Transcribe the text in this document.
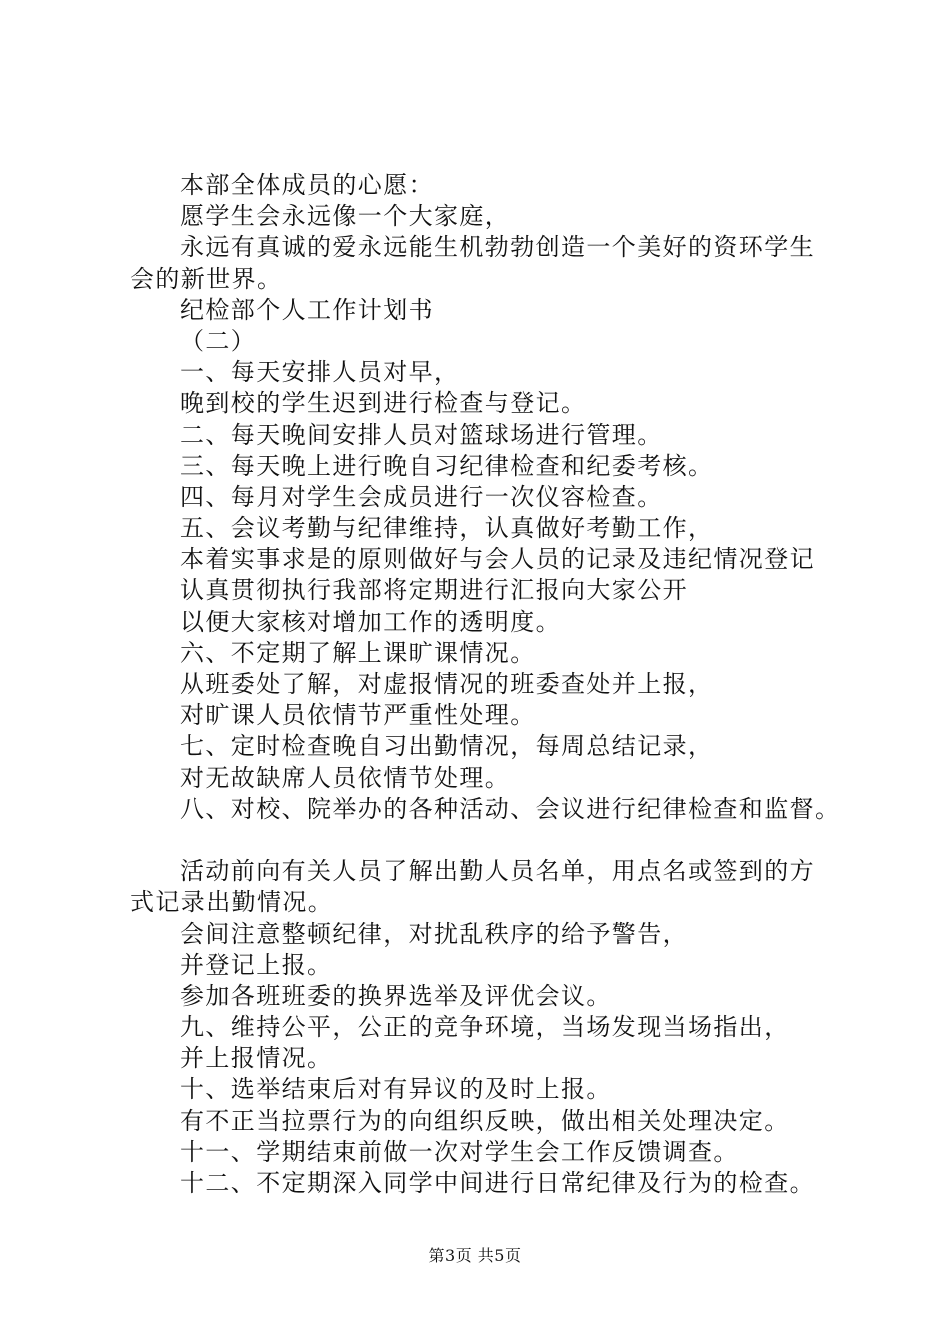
本部全体成员的心愿：
愿学生会永远像一个大家庭，
永远有真诚的爱永远能生机勃勃创造一个美好的资环学生
会的新世界。
纪检部个人工作计划书
（二）
一、每天安排人员对早，
晚到校的学生迟到进行检查与登记。
二、每天晚间安排人员对篮球场进行管理。
三、每天晚上进行晚自习纪律检查和纪委考核。
四、每月对学生会成员进行一次仪容检查。
五、会议考勤与纪律维持，认真做好考勤工作，
本着实事求是的原则做好与会人员的记录及违纪情况登记
认真贯彻执行我部将定期进行汇报向大家公开
以便大家核对增加工作的透明度。
六、不定期了解上课旷课情况。
从班委处了解，对虚报情况的班委查处并上报，
对旷课人员依情节严重性处理。
七、定时检查晚自习出勤情况，每周总结记录，
对无故缺席人员依情节处理。
八、对校、院举办的各种活动、会议进行纪律检查和监督。
活动前向有关人员了解出勤人员名单，用点名或签到的方
式记录出勤情况。
会间注意整顿纪律，对扰乱秩序的给予警告，
并登记上报。
参加各班班委的换界选举及评优会议。
九、维持公平，公正的竞争环境，当场发现当场指出，
并上报情况。
十、选举结束后对有异议的及时上报。
有不正当拉票行为的向组织反映，做出相关处理决定。
十一、学期结束前做一次对学生会工作反馈调查。
十二、不定期深入同学中间进行日常纪律及行为的检查。
第3页 共5页
